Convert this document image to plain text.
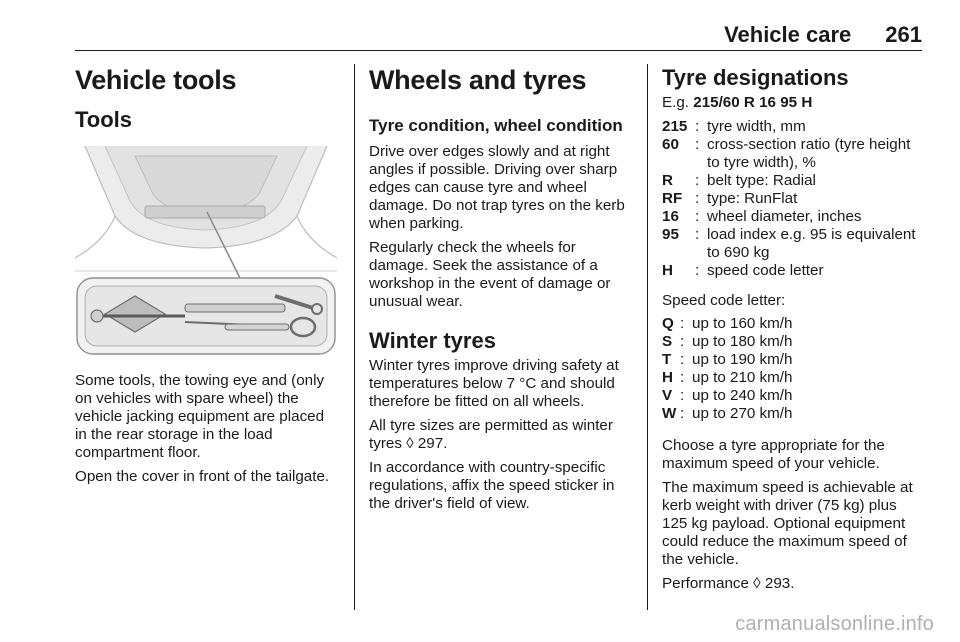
Vehicle care 261
Vehicle tools
Tools

Some tools, the towing eye and (only on vehicles with spare wheel) the vehicle jacking equipment are placed in the rear storage in the load compartment floor.

Open the cover in front of the tailgate.

Wheels and tyres
Tyre condition, wheel condition

Drive over edges slowly and at right angles if possible. Driving over sharp edges can cause tyre and wheel damage. Do not trap tyres on the kerb when parking.

Regularly check the wheels for damage. Seek the assistance of a workshop in the event of damage or unusual wear.

Winter tyres

Winter tyres improve driving safety at temperatures below 7 °C and should therefore be fitted on all wheels.

All tyre sizes are permitted as winter tyres ◊ 297.

In accordance with country-specific regulations, affix the speed sticker in the driver's field of view.

Tyre designations

E.g. 215/60 R 16 95 H

215 : tyre width, mm
60	: cross-section ratio (tyre height to tyre width), %
R	: belt type: Radial
RF : type: RunFlat
16	: wheel diameter, inches
95	: load index e.g. 95 is equivalent to 690 kg
H	: speed code letter

Speed code letter:

Q : up to 160 km/h
S : up to 180 km/h
T : up to 190 km/h
H : up to 210 km/h
V : up to 240 km/h
W : up to 270 km/h

Choose a tyre appropriate for the maximum speed of your vehicle.

The maximum speed is achievable at kerb weight with driver (75 kg) plus 125 kg payload. Optional equipment could reduce the maximum speed of the vehicle.

Performance ◊ 293.

carmanualsonline.info
